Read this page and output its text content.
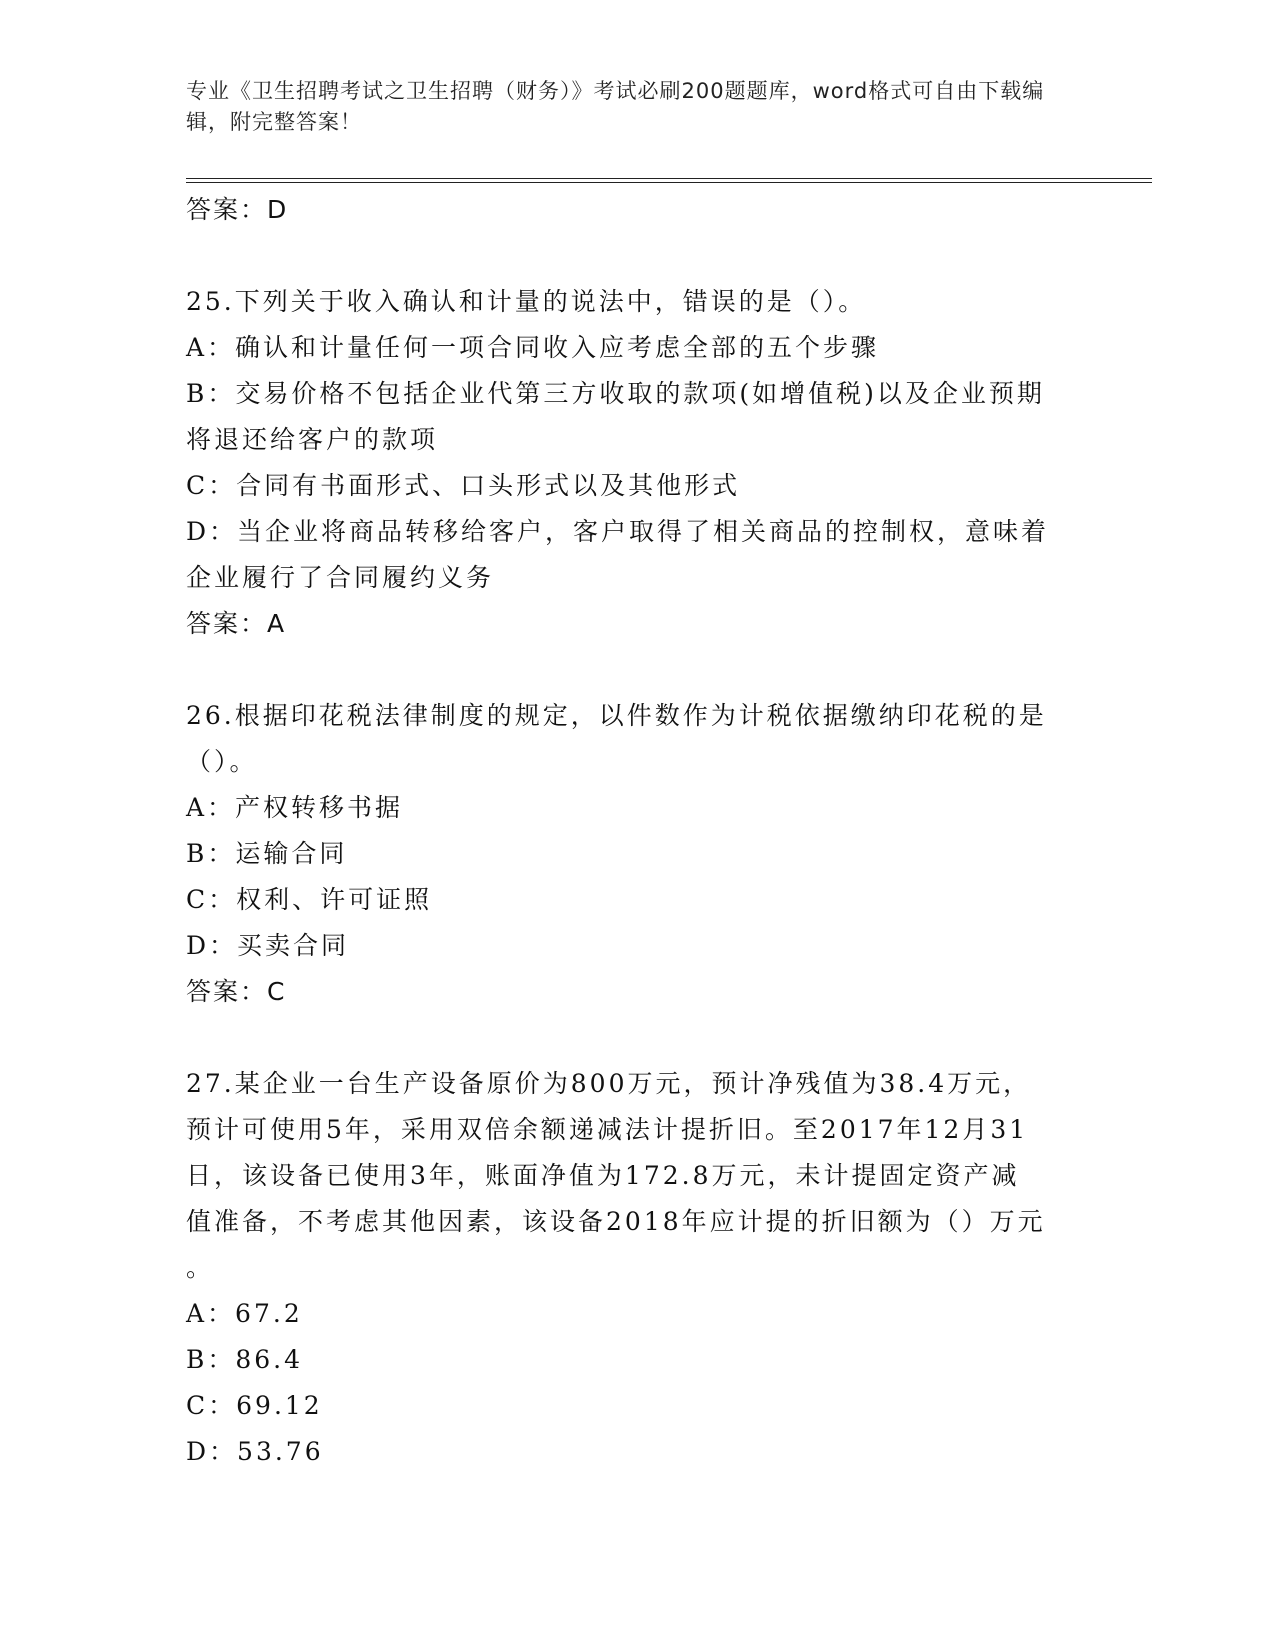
专业《卫生招聘考试之卫生招聘（财务）》考试必刷200题题库，word格式可自由下载编辑，附完整答案！
答案：D
25.下列关于收入确认和计量的说法中，错误的是（）。
A：确认和计量任何一项合同收入应考虑全部的五个步骤
B：交易价格不包括企业代第三方收取的款项(如增值税)以及企业预期
将退还给客户的款项
C：合同有书面形式、口头形式以及其他形式
D：当企业将商品转移给客户，客户取得了相关商品的控制权，意味着
企业履行了合同履约义务
答案：A
26.根据印花税法律制度的规定，以件数作为计税依据缴纳印花税的是
（）。
A：产权转移书据
B：运输合同
C：权利、许可证照
D：买卖合同
答案：C
27.某企业一台生产设备原价为800万元，预计净残值为38.4万元，
预计可使用5年，采用双倍余额递减法计提折旧。至2017年12月31
日，该设备已使用3年，账面净值为172.8万元，未计提固定资产减
值准备，不考虑其他因素，该设备2018年应计提的折旧额为（）万元
。
A：67.2
B：86.4
C：69.12
D：53.76
